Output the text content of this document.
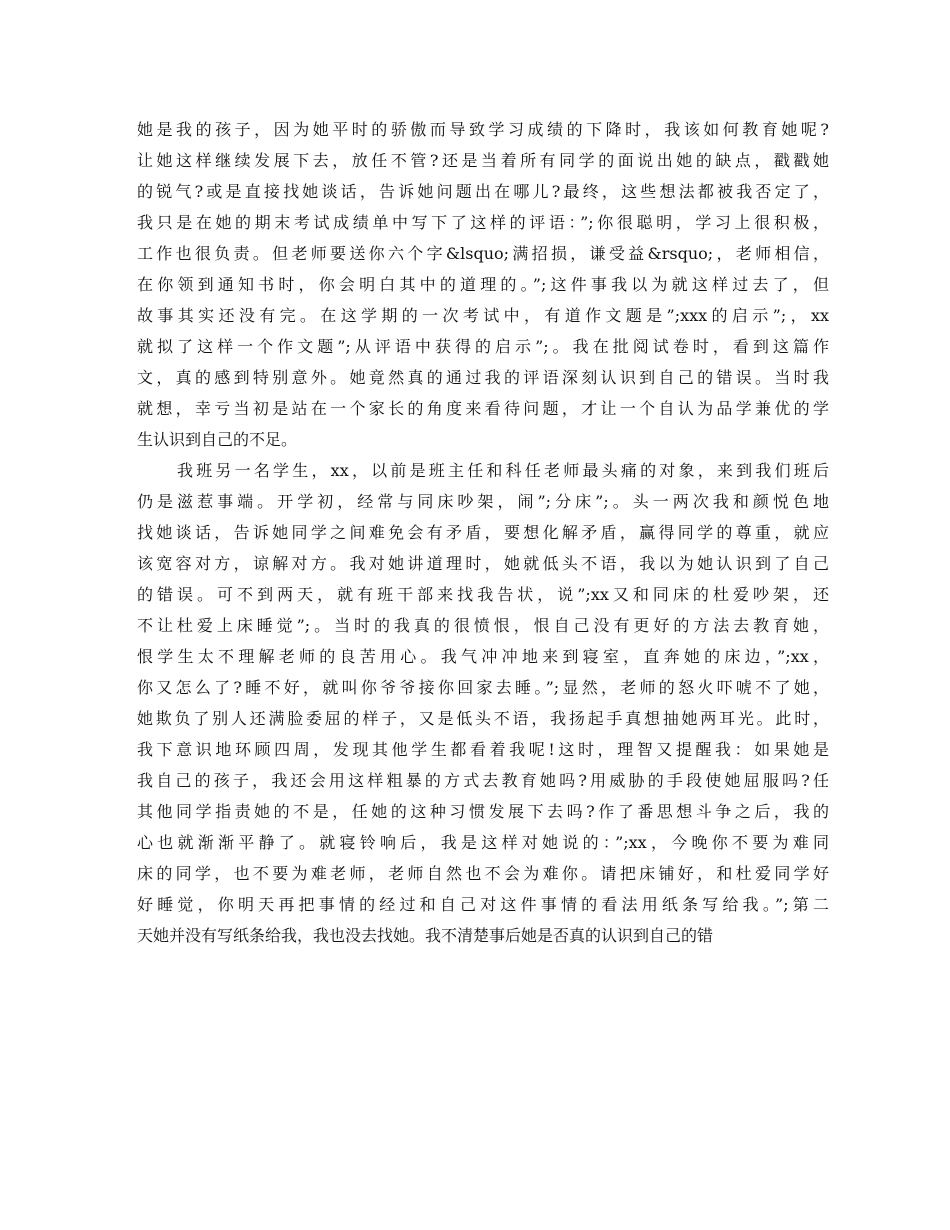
她是我的孩子，因为她平时的骄傲而导致学习成绩的下降时，我该如何教育她呢?
让她这样继续发展下去，放任不管?还是当着所有同学的面说出她的缺点，戳戳她
的锐气?或是直接找她谈话，告诉她问题出在哪儿?最终，这些想法都被我否定了，
我只是在她的期末考试成绩单中写下了这样的评语：”;你很聪明，学习上很积极，
工作也很负责。但老师要送你六个字&lsquo;满招损，谦受益&rsquo;，老师相信，
在你领到通知书时，你会明白其中的道理的。”;这件事我以为就这样过去了，但
故事其实还没有完。在这学期的一次考试中，有道作文题是”;xxx的启示”;，xx
就拟了这样一个作文题”;从评语中获得的启示”;。我在批阅试卷时，看到这篇作
文，真的感到特别意外。她竟然真的通过我的评语深刻认识到自己的错误。当时我
就想，幸亏当初是站在一个家长的角度来看待问题，才让一个自认为品学兼优的学
生认识到自己的不足。
我班另一名学生，xx，以前是班主任和科任老师最头痛的对象，来到我们班后
仍是滋惹事端。开学初，经常与同床吵架，闹”;分床”;。头一两次我和颜悦色地
找她谈话，告诉她同学之间难免会有矛盾，要想化解矛盾，赢得同学的尊重，就应
该宽容对方，谅解对方。我对她讲道理时，她就低头不语，我以为她认识到了自己
的错误。可不到两天，就有班干部来找我告状，说”;xx又和同床的杜爱吵架，还
不让杜爱上床睡觉”;。当时的我真的很愤恨，恨自己没有更好的方法去教育她，
恨学生太不理解老师的良苦用心。我气冲冲地来到寝室，直奔她的床边，”;xx，
你又怎么了?睡不好，就叫你爷爷接你回家去睡。”;显然，老师的怒火吓唬不了她，
她欺负了别人还满脸委屈的样子，又是低头不语，我扬起手真想抽她两耳光。此时，
我下意识地环顾四周，发现其他学生都看着我呢!这时，理智又提醒我：如果她是
我自己的孩子，我还会用这样粗暴的方式去教育她吗?用威胁的手段使她屈服吗?任
其他同学指责她的不是，任她的这种习惯发展下去吗?作了番思想斗争之后，我的
心也就渐渐平静了。就寝铃响后，我是这样对她说的：”;xx，今晚你不要为难同
床的同学，也不要为难老师，老师自然也不会为难你。请把床铺好，和杜爱同学好
好睡觉，你明天再把事情的经过和自己对这件事情的看法用纸条写给我。”;第二
天她并没有写纸条给我，我也没去找她。我不清楚事后她是否真的认识到自己的错
